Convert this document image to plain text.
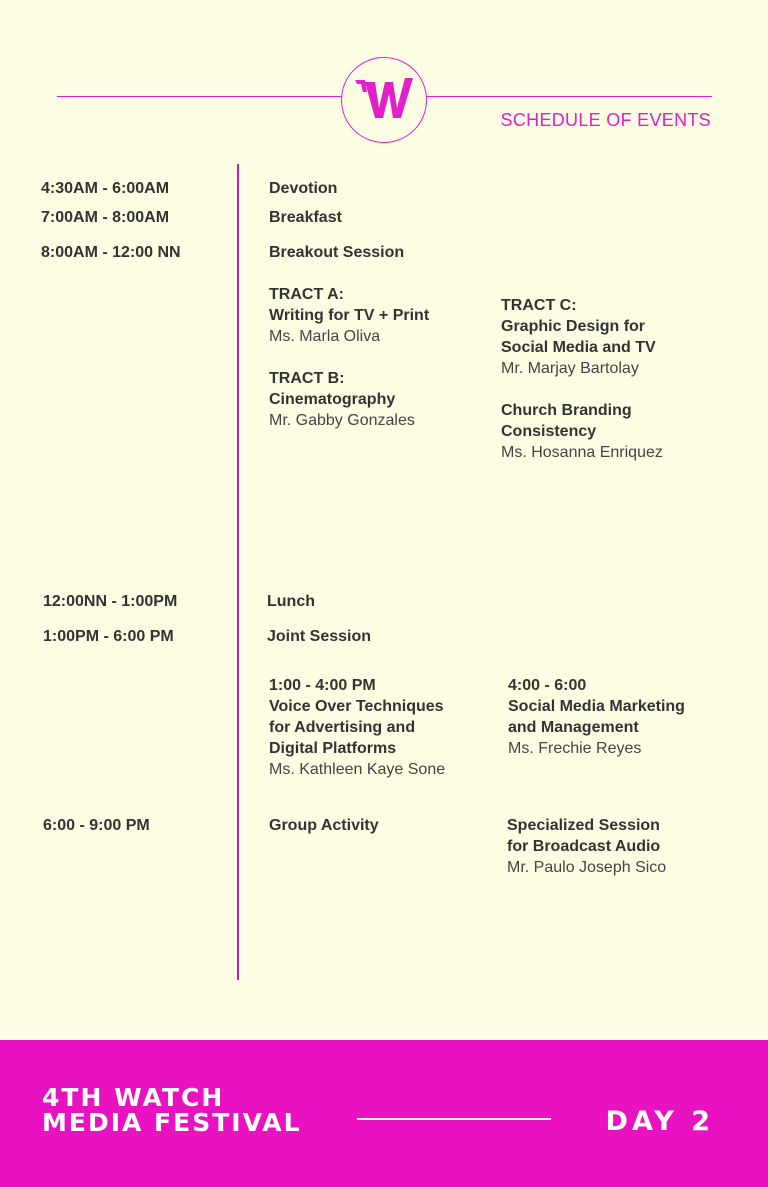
SCHEDULE OF EVENTS
4:30AM - 6:00AM	Devotion
7:00AM - 8:00AM	Breakfast
8:00AM - 12:00 NN	Breakout Session
TRACT A:
Writing for TV + Print
Ms. Marla Oliva
TRACT B:
Cinematography
Mr. Gabby Gonzales
TRACT C:
Graphic Design for
Social Media and TV
Mr. Marjay Bartolay
Church Branding
Consistency
Ms. Hosanna Enriquez
12:00NN - 1:00PM	Lunch
1:00PM - 6:00 PM	Joint Session
1:00 - 4:00 PM
Voice Over Techniques
for Advertising and
Digital Platforms
Ms. Kathleen Kaye Sone
4:00 - 6:00
Social Media Marketing
and Management
Ms. Frechie Reyes
6:00 - 9:00 PM	Group Activity	Specialized Session
for Broadcast Audio
Mr. Paulo Joseph Sico
4TH WATCH
MEDIA FESTIVAL	DAY 2
